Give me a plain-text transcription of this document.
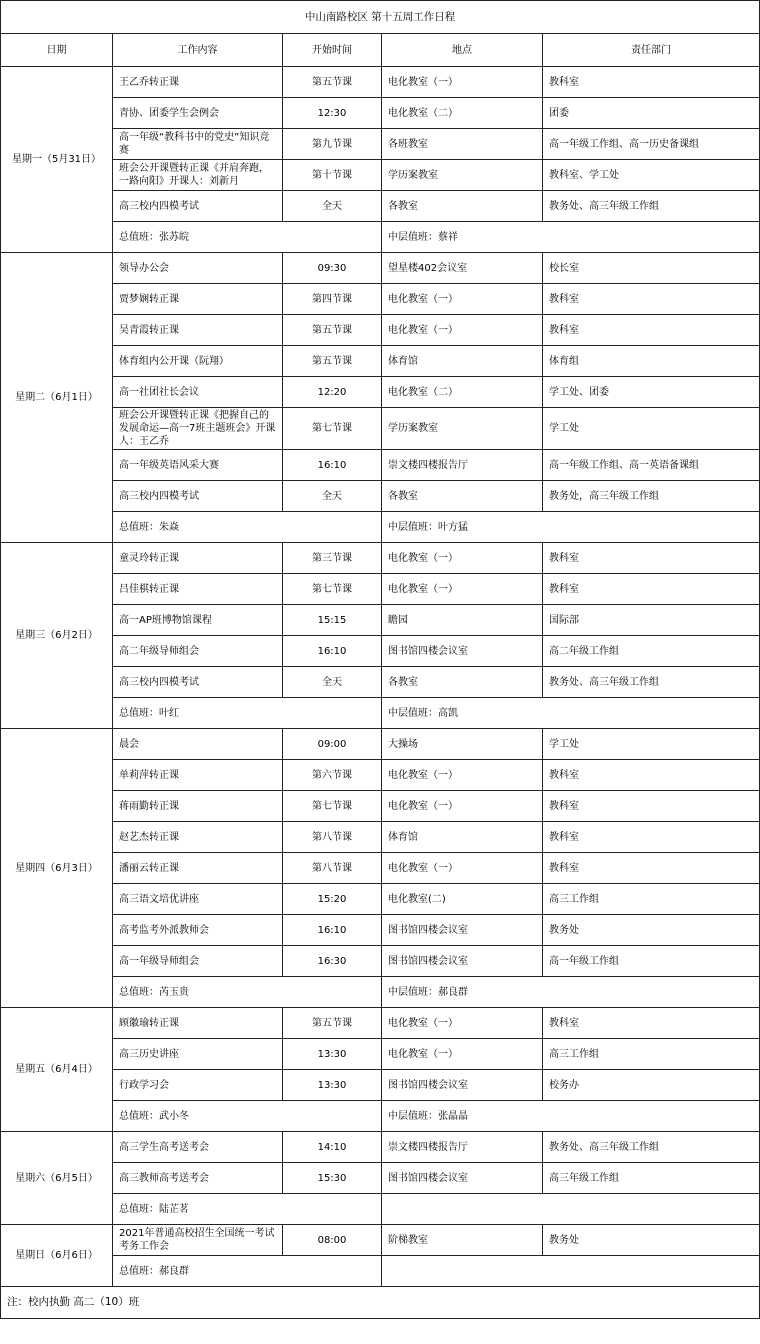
中山南路校区 第十五周工作日程				
日期	工作内容	开始时间	地点	责任部门
星期一（5月31日）	王乙乔转正课	第五节课	电化教室（一）	教科室
	青协、团委学生会例会	12:30	电化教室（二）	团委
	高一年级“教科书中的党史”知识竞赛	第九节课	各班教室	高一年级工作组、高一历史备课组
	班会公开课暨转正课《并肩奔跑，一路向阳》开课人：刘新月	第十节课	学历案教室	教科室、学工处
	高三校内四模考试	全天	各教室	教务处、高三年级工作组
	总值班：张苏皖		中层值班：蔡祥	
星期二（6月1日）	领导办公会	09:30	望星楼402会议室	校长室
	贾梦娴转正课	第四节课	电化教室（一）	教科室
	吴青霞转正课	第五节课	电化教室（一）	教科室
	体育组内公开课（阮翔）	第五节课	体育馆	体育组
	高一社团社长会议	12:20	电化教室（二）	学工处、团委
	班会公开课暨转正课《把握自己的发展命运—高一7班主题班会》开课人：王乙乔	第七节课	学历案教室	学工处
	高一年级英语风采大赛	16:10	崇文楼四楼报告厅	高一年级工作组、高一英语备课组
	高三校内四模考试	全天	各教室	教务处，高三年级工作组
	总值班：朱焱		中层值班：叶方猛	
星期三（6月2日）	童灵玲转正课	第三节课	电化教室（一）	教科室
	吕佳棋转正课	第七节课	电化教室（一）	教科室
	高一AP班博物馆课程	15:15	瞻园	国际部
	高二年级导师组会	16:10	图书馆四楼会议室	高二年级工作组
	高三校内四模考试	全天	各教室	教务处、高三年级工作组
	总值班：叶红		中层值班：高凯	
星期四（6月3日）	晨会	09:00	大操场	学工处
	单莉萍转正课	第六节课	电化教室（一）	教科室
	蒋雨勤转正课	第七节课	电化教室（一）	教科室
	赵艺杰转正课	第八节课	体育馆	教科室
	潘丽云转正课	第八节课	电化教室（一）	教科室
	高三语文培优讲座	15:20	电化教室(二)	高三工作组
	高考监考外派教师会	16:10	图书馆四楼会议室	教务处
	高一年级导师组会	16:30	图书馆四楼会议室	高一年级工作组
	总值班：芮玉贵		中层值班：郝良群	
星期五（6月4日）	顾徽瑜转正课	第五节课	电化教室（一）	教科室
	高三历史讲座	13:30	电化教室（一）	高三工作组
	行政学习会	13:30	图书馆四楼会议室	校务办
	总值班：武小冬		中层值班：张晶晶	
星期六（6月5日）	高三学生高考送考会	14:10	崇文楼四楼报告厅	教务处、高三年级工作组
	高三教师高考送考会	15:30	图书馆四楼会议室	高三年级工作组
	总值班：陆芷茗			
星期日（6月6日）	2021年普通高校招生全国统一考试考务工作会	08:00	阶梯教室	教务处
	总值班：郝良群			
注：校内执勤 高二（10）班				
